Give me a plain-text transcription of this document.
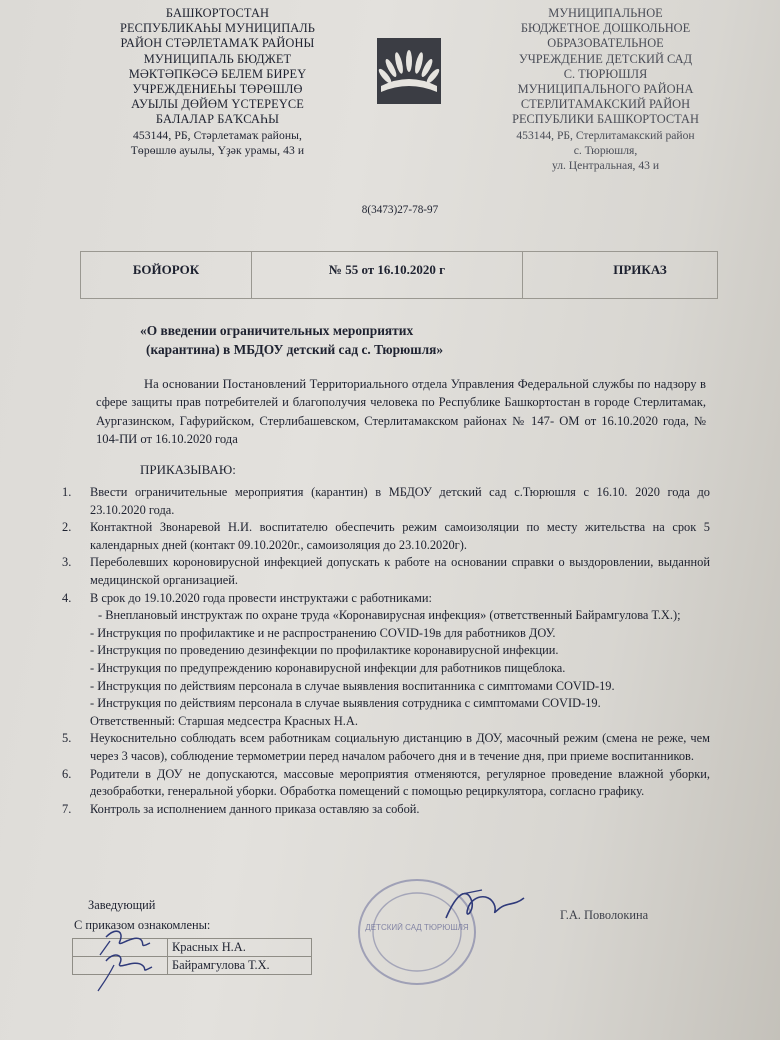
БАШКОРТОСТАН
РЕСПУБЛИКАҺЫ МУНИЦИПАЛЬ
РАЙОН СТӘРЛЕТАМАҠ РАЙОНЫ
МУНИЦИПАЛЬ БЮДЖЕТ
МӘКТӘПКӘСӘ БЕЛЕМ БИРЕҮ
УЧРЕЖДЕНИЕҺЫ ТӨРӨШЛӨ
АУЫЛЫ ДӨЙӨМ ҮСТЕРЕҮСЕ
БАЛАЛАР БАҠСАҺЫ
453144, РБ, Стәрлетамаҡ районы,
Төрөшлө ауылы, Үҙәк урамы, 43 и
МУНИЦИПАЛЬНОЕ
БЮДЖЕТНОЕ ДОШКОЛЬНОЕ
ОБРАЗОВАТЕЛЬНОЕ
УЧРЕЖДЕНИЕ ДЕТСКИЙ САД
С. ТЮРЮШЛЯ
МУНИЦИПАЛЬНОГО РАЙОНА
СТЕРЛИТАМАКСКИЙ РАЙОН
РЕСПУБЛИКИ БАШКОРТОСТАН
453144, РБ, Стерлитамакский район
с. Тюрюшля,
ул. Центральная, 43 и
8(3473)27-78-97
БОЙОРОК	№ 55 от 16.10.2020 г	ПРИКАЗ
«О введении ограничительных мероприятих
(карантина) в МБДОУ детский сад с. Тюрюшля»
На основании Постановлений Территориального отдела Управления Федеральной службы по надзору в сфере защиты прав потребителей и благополучия человека по Республике Башкортостан в городе Стерлитамак, Аургазинском, Гафурийском, Стерлибашевском, Стерлитамакском районах № 147- ОМ от 16.10.2020 года, № 104-ПИ от 16.10.2020 года
ПРИКАЗЫВАЮ:
1.	Ввести ограничительные мероприятия (карантин) в МБДОУ детский сад с.Тюрюшля с 16.10. 2020 года до 23.10.2020 года.
2.	Контактной Звонаревой Н.И. воспитателю обеспечить режим самоизоляции по месту жительства на срок 5 календарных дней (контакт 09.10.2020г., самоизоляция до 23.10.2020г).
3.	Переболевших короновирусной инфекцией допускать к работе на основании справки о выздоровлении, выданной медицинской организацией.
4.	В срок до 19.10.2020 года провести инструктажи с работниками:
- Внеплановый инструктаж по охране труда «Коронавирусная инфекция» (ответственный Байрамгулова Т.Х.);
- Инструкция по профилактике и не распространению COVID-19в для работников ДОУ.
- Инструкция по проведению дезинфекции по профилактике коронавирусной инфекции.
- Инструкция по предупреждению коронавирусной инфекции для работников пищеблока.
- Инструкция по действиям персонала в случае выявления воспитанника с симптомами COVID-19.
- Инструкция по действиям персонала в случае выявления сотрудника с симптомами COVID-19.
Ответственный: Старшая медсестра Красных Н.А.
5.	Неукоснительно соблюдать всем работникам социальную дистанцию в ДОУ, масочный режим (смена не реже, чем через 3 часов), соблюдение термометрии перед началом рабочего дня и в течение дня, при приеме воспитанников.
6.	Родители в ДОУ не допускаются, массовые мероприятия отменяются, регулярное проведение влажной уборки, дезобработки, генеральной уборки. Обработка помещений с помощью рециркулятора, согласно графику.
7.	Контроль за исполнением данного приказа оставляю за собой.
Заведующий
Г.А. Поволокина
С приказом ознакомлены:
	Красных Н.А.
	Байрамгулова Т.Х.
ДЕТСКИЙ САД ТЮРЮШЛЯ
